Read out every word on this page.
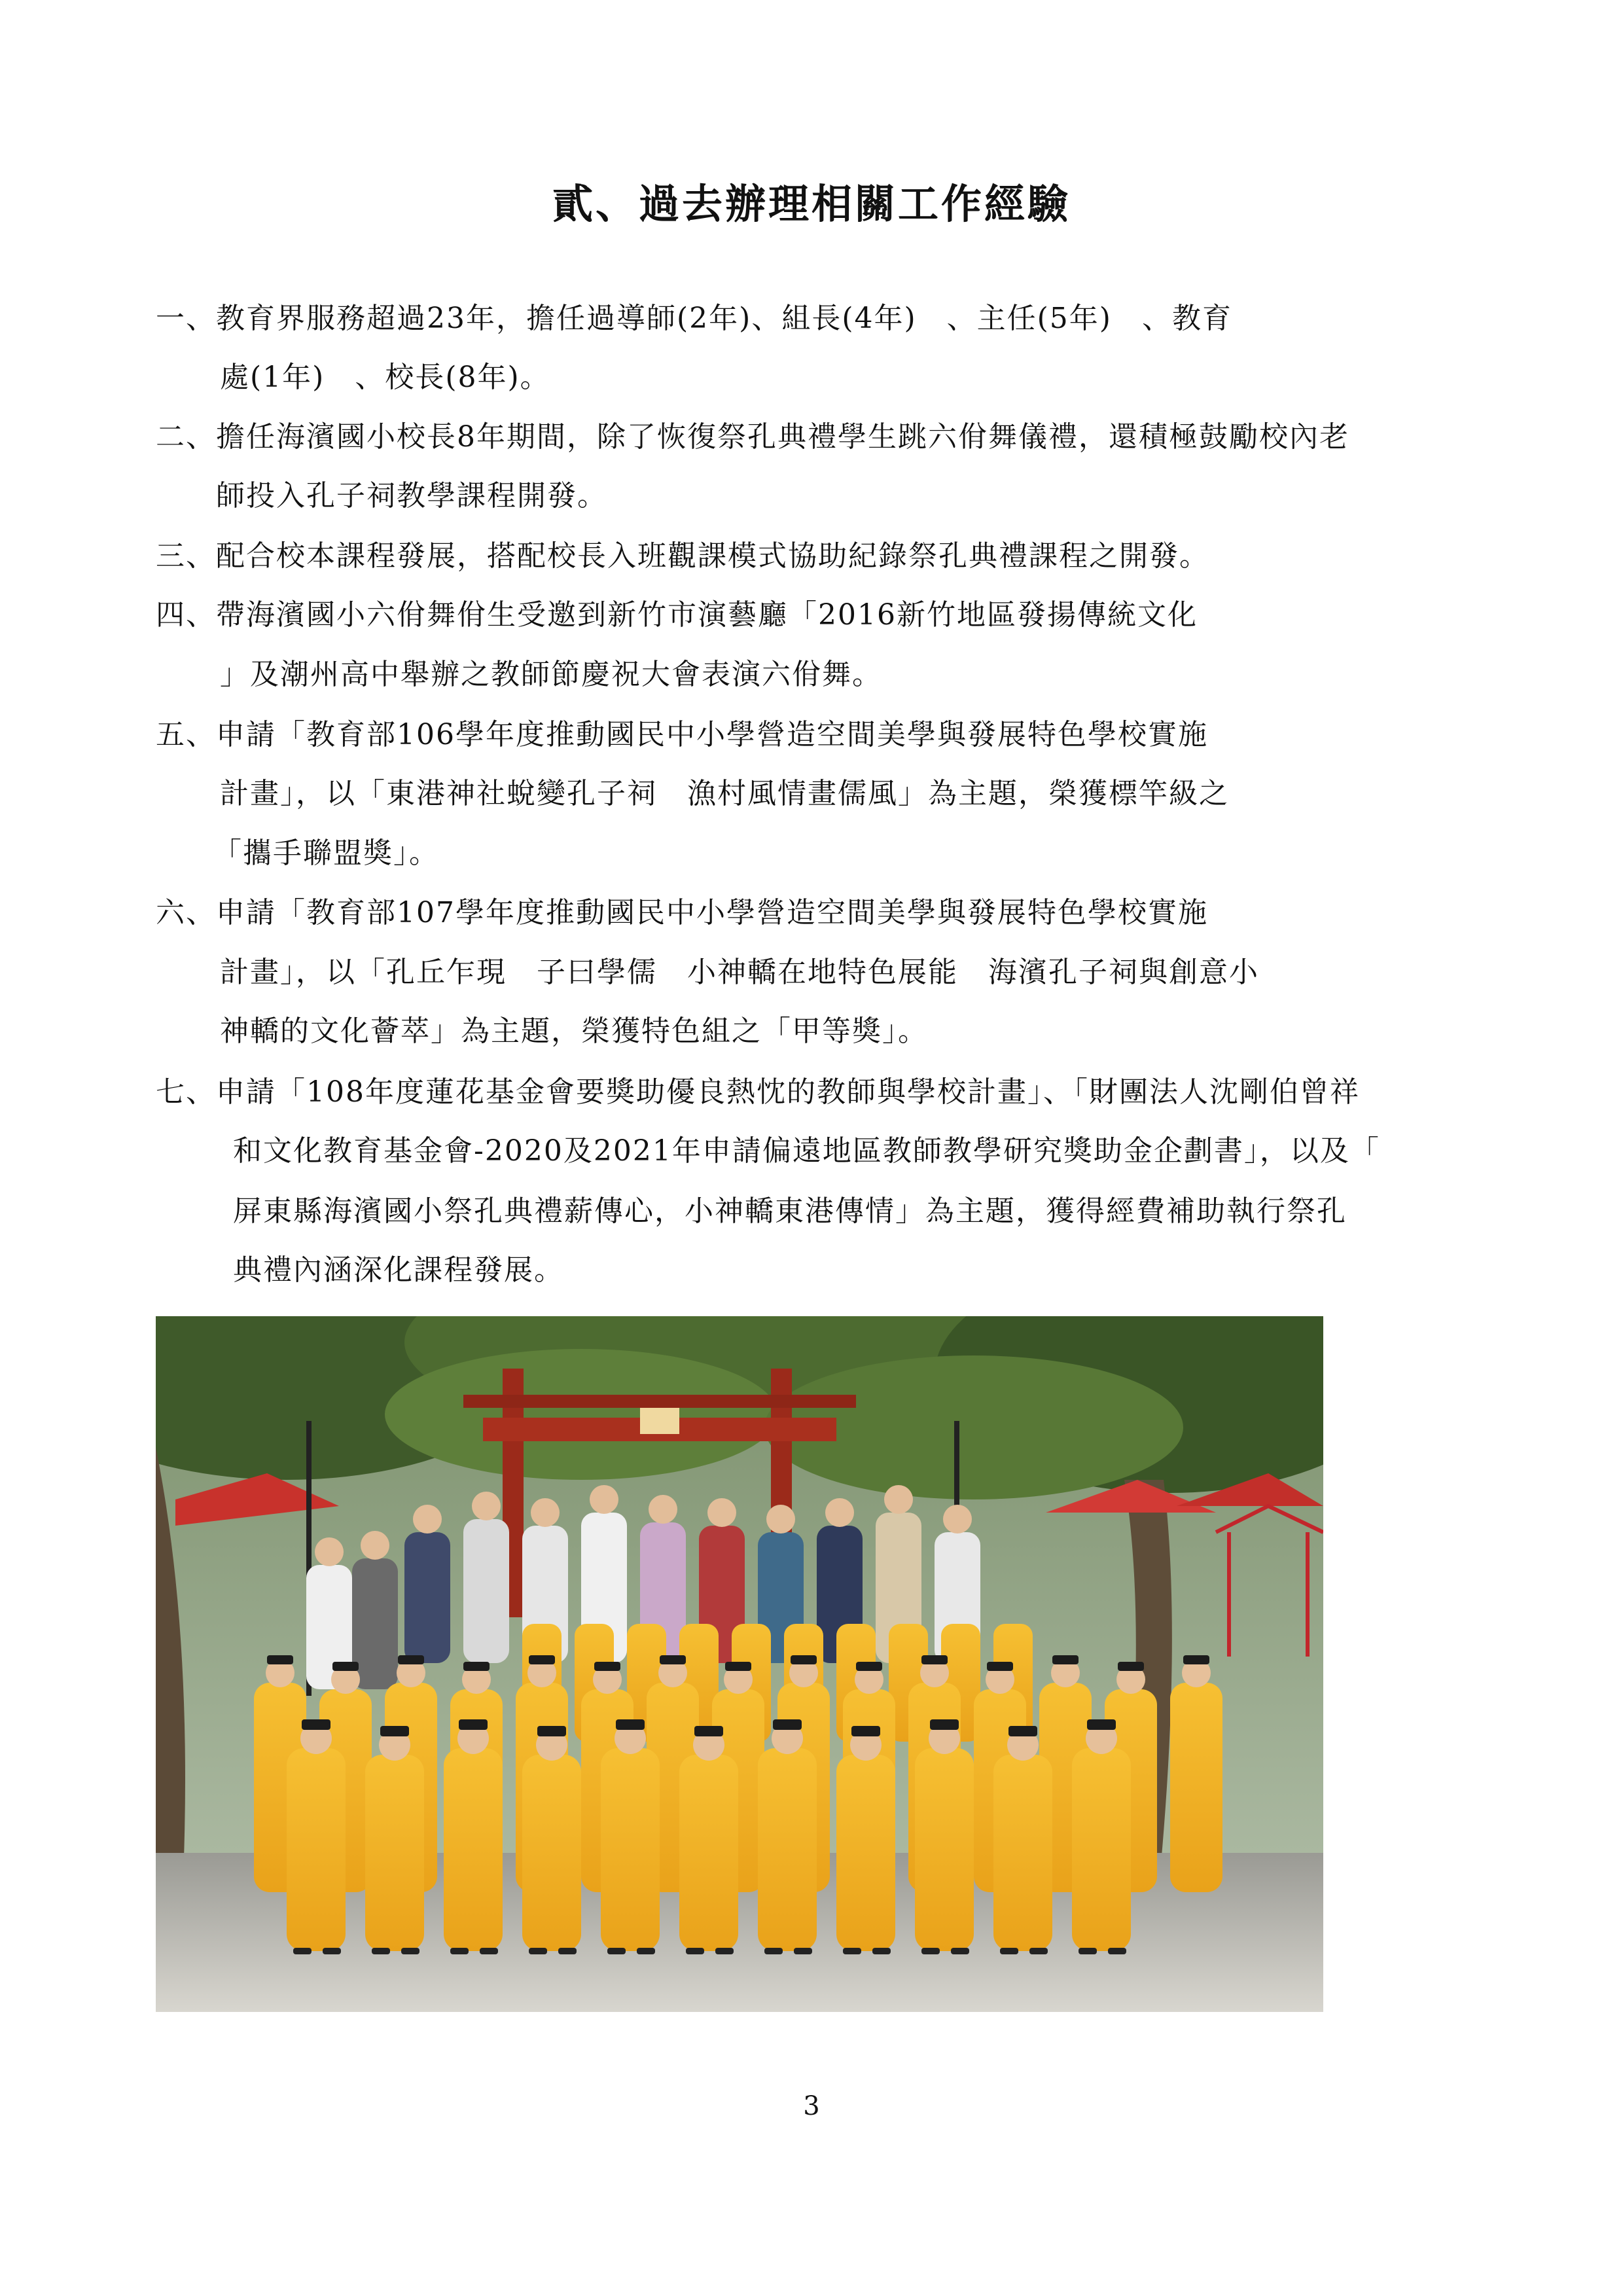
貳、過去辦理相關工作經驗
一、教育界服務超過23年，擔任過導師(2年)、組長(4年)　、主任(5年)　、教育
處(1年)　、校長(8年)。
二、擔任海濱國小校長8年期間，除了恢復祭孔典禮學生跳六佾舞儀禮，還積極鼓勵校內老
師投入孔子祠教學課程開發。
三、配合校本課程發展，搭配校長入班觀課模式協助紀錄祭孔典禮課程之開發。
四、帶海濱國小六佾舞佾生受邀到新竹市演藝廳「2016新竹地區發揚傳統文化
」及潮州高中舉辦之教師節慶祝大會表演六佾舞。
五、申請「教育部106學年度推動國民中小學營造空間美學與發展特色學校實施
計畫」，以「東港神社蛻變孔子祠　漁村風情畫儒風」為主題，榮獲標竿級之
「攜手聯盟獎」。
六、申請「教育部107學年度推動國民中小學營造空間美學與發展特色學校實施
計畫」，以「孔丘乍現　子曰學儒　小神轎在地特色展能　海濱孔子祠與創意小
神轎的文化薈萃」為主題，榮獲特色組之「甲等獎」。
七、申請「108年度蓮花基金會要獎助優良熱忱的教師與學校計畫」、「財團法人沈剛伯曾祥
和文化教育基金會-2020及2021年申請偏遠地區教師教學研究獎助金企劃書」，以及「
屏東縣海濱國小祭孔典禮薪傳心，小神轎東港傳情」為主題，獲得經費補助執行祭孔
典禮內涵深化課程發展。
3
